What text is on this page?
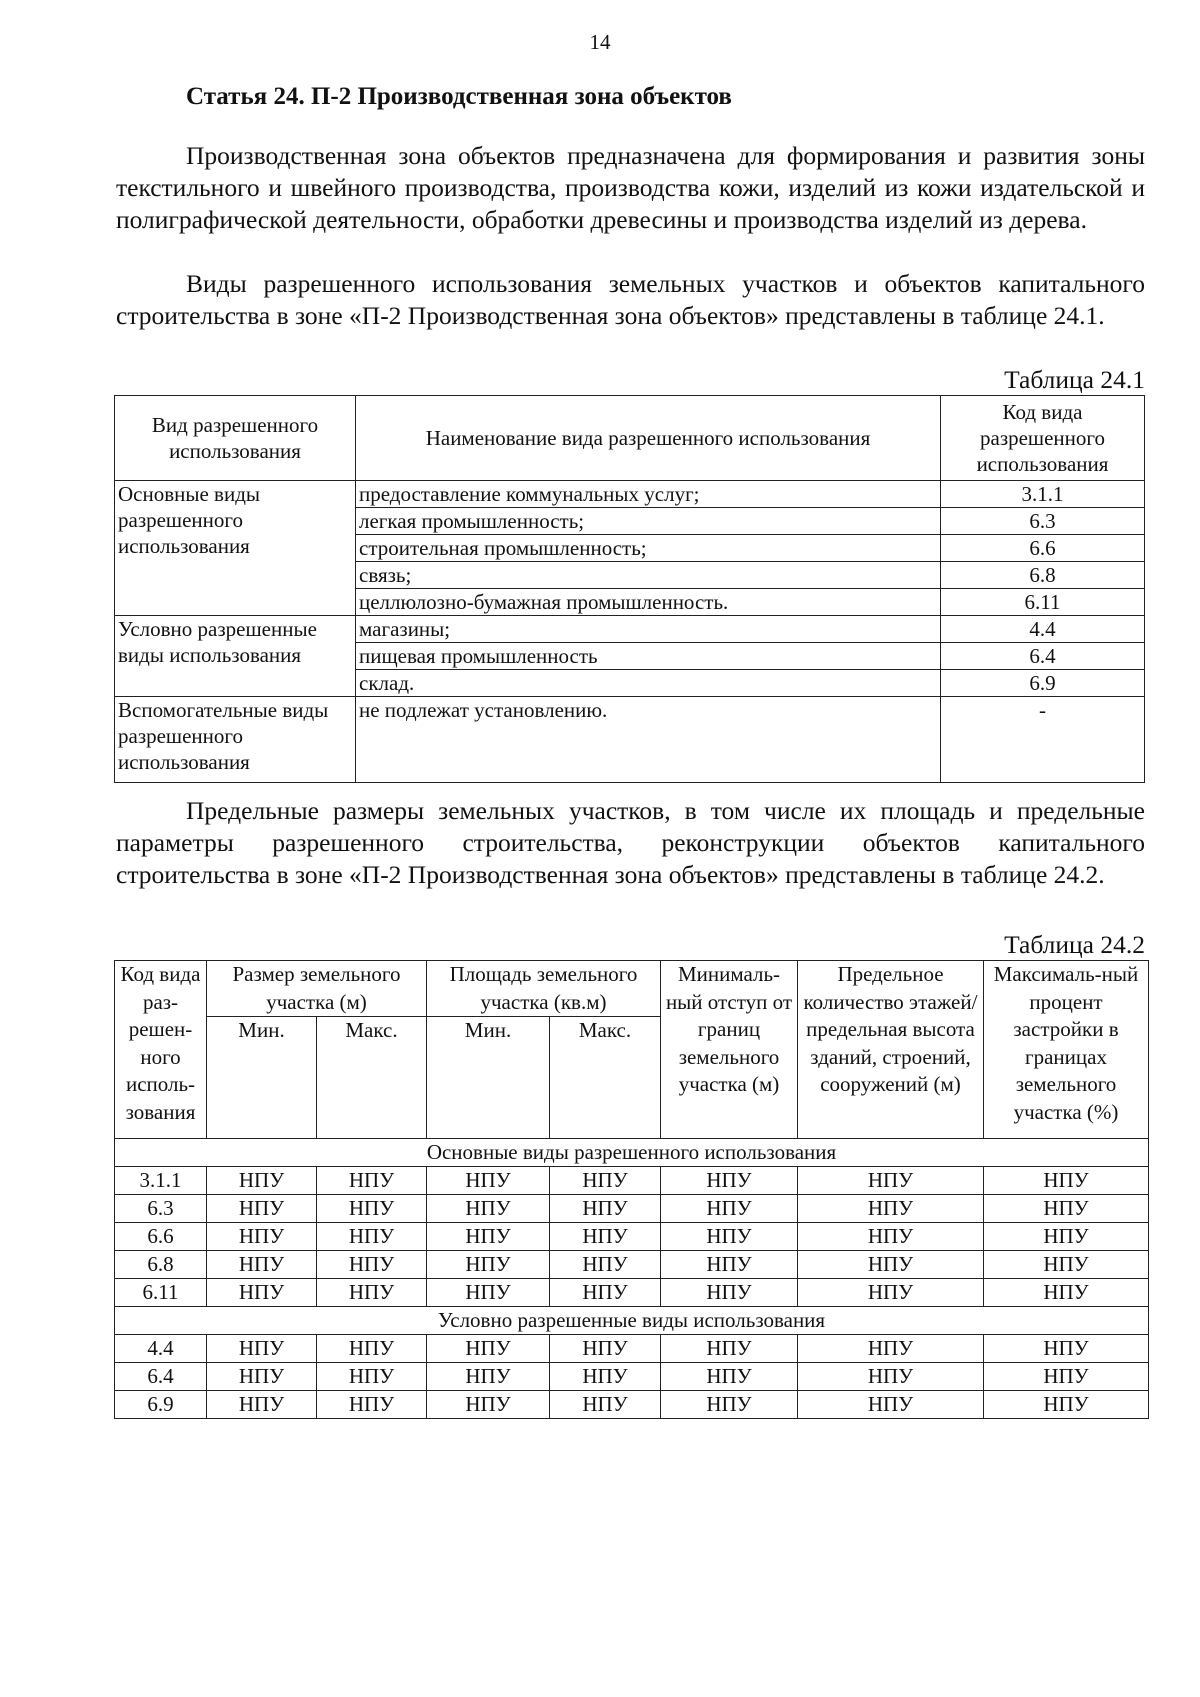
14
Статья 24. П-2 Производственная зона объектов

Производственная зона объектов предназначена для формирования и развития зоны текстильного и швейного производства, производства кожи, изделий из кожи издательской и полиграфической деятельности, обработки древесины и производства изделий из дерева.

Виды разрешенного использования земельных участков и объектов капитального строительства в зоне «П-2 Производственная зона объектов» представлены в таблице 24.1.

Таблица 24.1
Вид разрешенного использования	Наименование вида разрешенного использования	Код вида разрешенного использования
Основные виды разрешенного использования	предоставление коммунальных услуг;	3.1.1
	легкая промышленность;	6.3
	строительная промышленность;	6.6
	связь;	6.8
	целлюлозно-бумажная промышленность.	6.11
Условно разрешенные виды использования	магазины;	4.4
	пищевая промышленность	6.4
	склад.	6.9
Вспомогательные виды разрешенного использования	не подлежат установлению.	-

Предельные размеры земельных участков, в том числе их площадь и предельные параметры разрешенного строительства, реконструкции объектов капитального строительства в зоне «П-2 Производственная зона объектов» представлены в таблице 24.2.

Таблица 24.2
Код вида раз-решен-ного исполь-зования	Размер земельного участка (м)		Площадь земельного участка (кв.м)		Минималь-ный отступ от границ земельного участка (м)	Предельное количество этажей/ предельная высота зданий, строений, сооружений (м)	Максималь-ный процент застройки в границах земельного участка (%)
	Мин.	Макс.	Мин.	Макс.			
Основные виды разрешенного использования							
3.1.1	НПУ	НПУ	НПУ	НПУ	НПУ	НПУ	НПУ
6.3	НПУ	НПУ	НПУ	НПУ	НПУ	НПУ	НПУ
6.6	НПУ	НПУ	НПУ	НПУ	НПУ	НПУ	НПУ
6.8	НПУ	НПУ	НПУ	НПУ	НПУ	НПУ	НПУ
6.11	НПУ	НПУ	НПУ	НПУ	НПУ	НПУ	НПУ
Условно разрешенные виды использования							
4.4	НПУ	НПУ	НПУ	НПУ	НПУ	НПУ	НПУ
6.4	НПУ	НПУ	НПУ	НПУ	НПУ	НПУ	НПУ
6.9	НПУ	НПУ	НПУ	НПУ	НПУ	НПУ	НПУ
